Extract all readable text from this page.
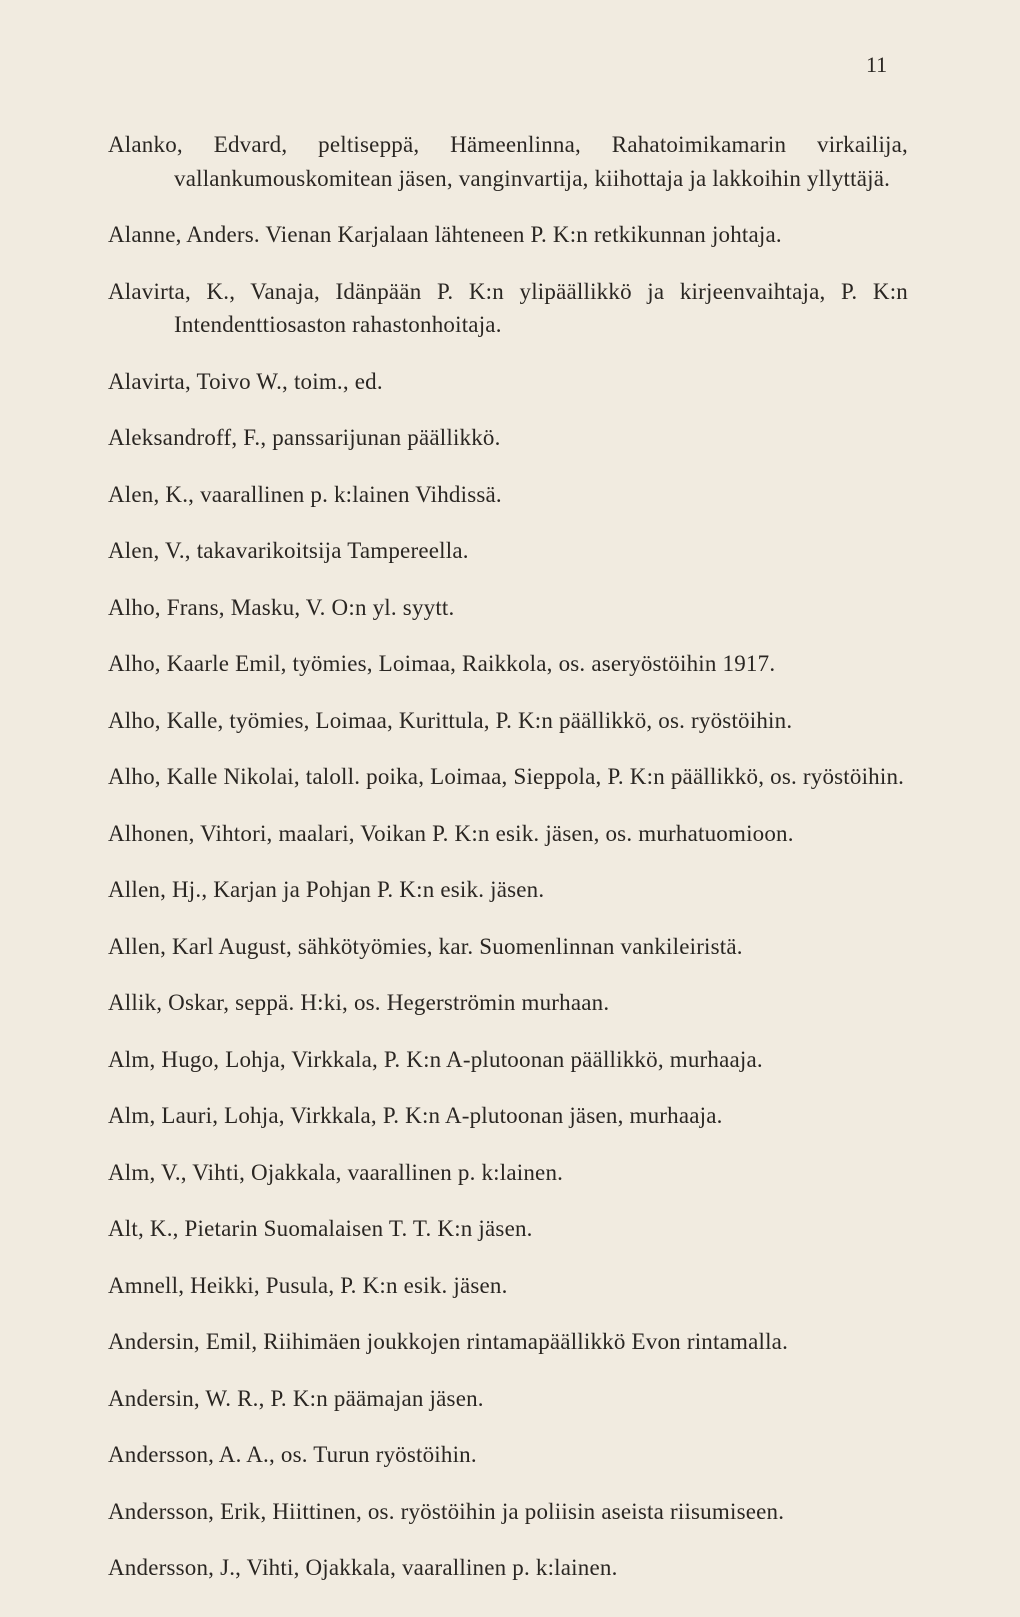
11

Alanko, Edvard, peltiseppä, Hämeenlinna, Rahatoimikamarin virkailija, vallankumouskomitean jäsen, vanginvartija, kiihottaja ja lakkoihin yllyttäjä.

Alanne, Anders. Vienan Karjalaan lähteneen P. K:n retkikunnan johtaja.

Alavirta, K., Vanaja, Idänpään P. K:n ylipäällikkö ja kirjeenvaihtaja, P. K:n Intendenttiosaston rahastonhoitaja.

Alavirta, Toivo W., toim., ed.

Aleksandroff, F., panssarijunan päällikkö.

Alen, K., vaarallinen p. k:lainen Vihdissä.

Alen, V., takavarikoitsija Tampereella.

Alho, Frans, Masku, V. O:n yl. syytt.

Alho, Kaarle Emil, työmies, Loimaa, Raikkola, os. aseryöstöihin 1917.

Alho, Kalle, työmies, Loimaa, Kurittula, P. K:n päällikkö, os. ryöstöihin.

Alho, Kalle Nikolai, taloll. poika, Loimaa, Sieppola, P. K:n päällikkö, os. ryöstöihin.

Alhonen, Vihtori, maalari, Voikan P. K:n esik. jäsen, os. murhatuomioon.

Allen, Hj., Karjan ja Pohjan P. K:n esik. jäsen.

Allen, Karl August, sähkötyömies, kar. Suomenlinnan vankileiristä.

Allik, Oskar, seppä. H:ki, os. Hegerströmin murhaan.

Alm, Hugo, Lohja, Virkkala, P. K:n A-plutoonan päällikkö, murhaaja.

Alm, Lauri, Lohja, Virkkala, P. K:n A-plutoonan jäsen, murhaaja.

Alm, V., Vihti, Ojakkala, vaarallinen p. k:lainen.

Alt, K., Pietarin Suomalaisen T. T. K:n jäsen.

Amnell, Heikki, Pusula, P. K:n esik. jäsen.

Andersin, Emil, Riihimäen joukkojen rintamapäällikkö Evon rintamalla.

Andersin, W. R., P. K:n päämajan jäsen.

Andersson, A. A., os. Turun ryöstöihin.

Andersson, Erik, Hiittinen, os. ryöstöihin ja poliisin aseista riisumiseen.

Andersson, J., Vihti, Ojakkala, vaarallinen p. k:lainen.
